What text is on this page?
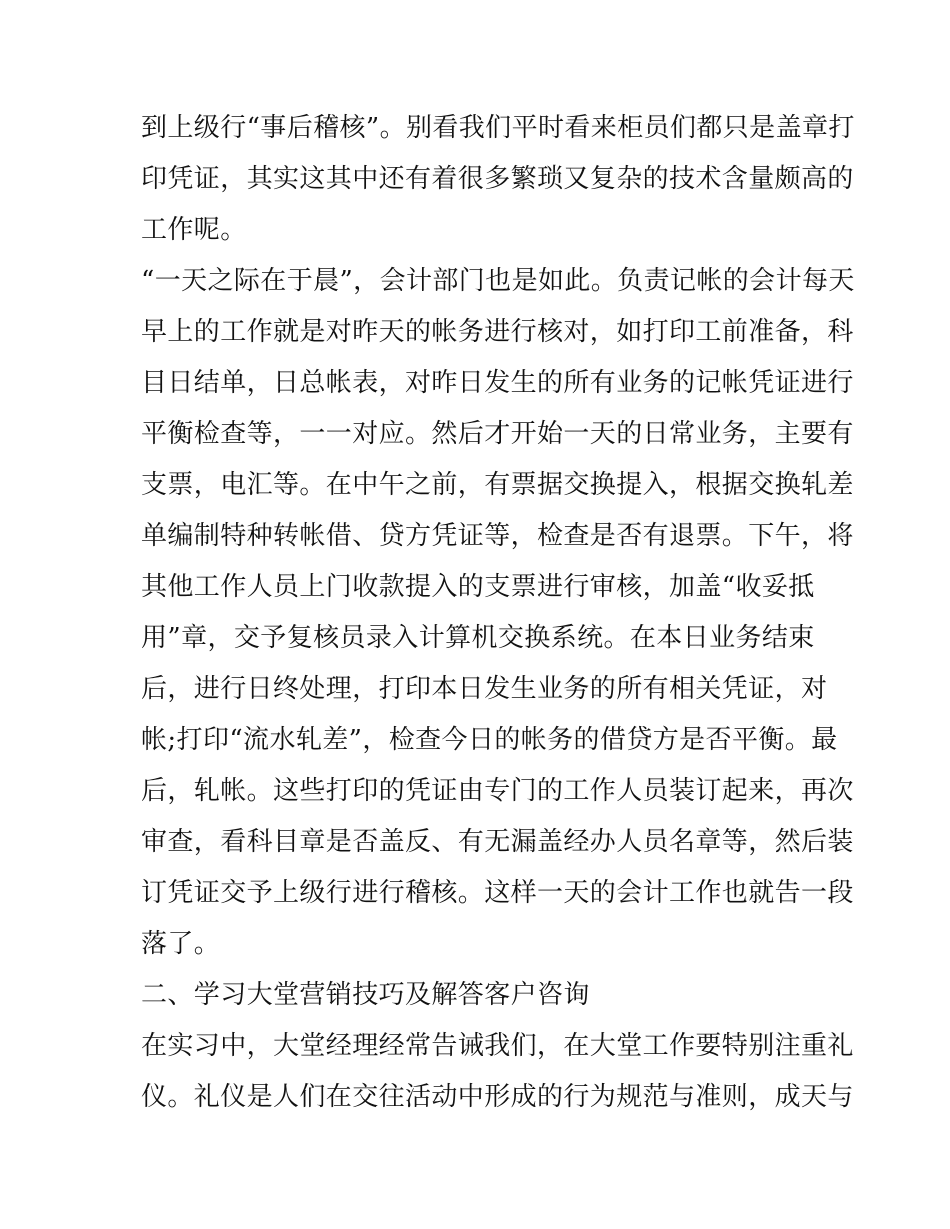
到上级行“事后稽核”。别看我们平时看来柜员们都只是盖章打
印凭证，其实这其中还有着很多繁琐又复杂的技术含量颇高的
工作呢。
“一天之际在于晨”，会计部门也是如此。负责记帐的会计每天
早上的工作就是对昨天的帐务进行核对，如打印工前准备，科
目日结单，日总帐表，对昨日发生的所有业务的记帐凭证进行
平衡检查等，一一对应。然后才开始一天的日常业务，主要有
支票，电汇等。在中午之前，有票据交换提入，根据交换轧差
单编制特种转帐借、贷方凭证等，检查是否有退票。下午，将
其他工作人员上门收款提入的支票进行审核，加盖“收妥抵
用”章，交予复核员录入计算机交换系统。在本日业务结束
后，进行日终处理，打印本日发生业务的所有相关凭证，对
帐;打印“流水轧差”，检查今日的帐务的借贷方是否平衡。最
后，轧帐。这些打印的凭证由专门的工作人员装订起来，再次
审查，看科目章是否盖反、有无漏盖经办人员名章等，然后装
订凭证交予上级行进行稽核。这样一天的会计工作也就告一段
落了。
二、学习大堂营销技巧及解答客户咨询
在实习中，大堂经理经常告诫我们，在大堂工作要特别注重礼
仪。礼仪是人们在交往活动中形成的行为规范与准则，成天与
